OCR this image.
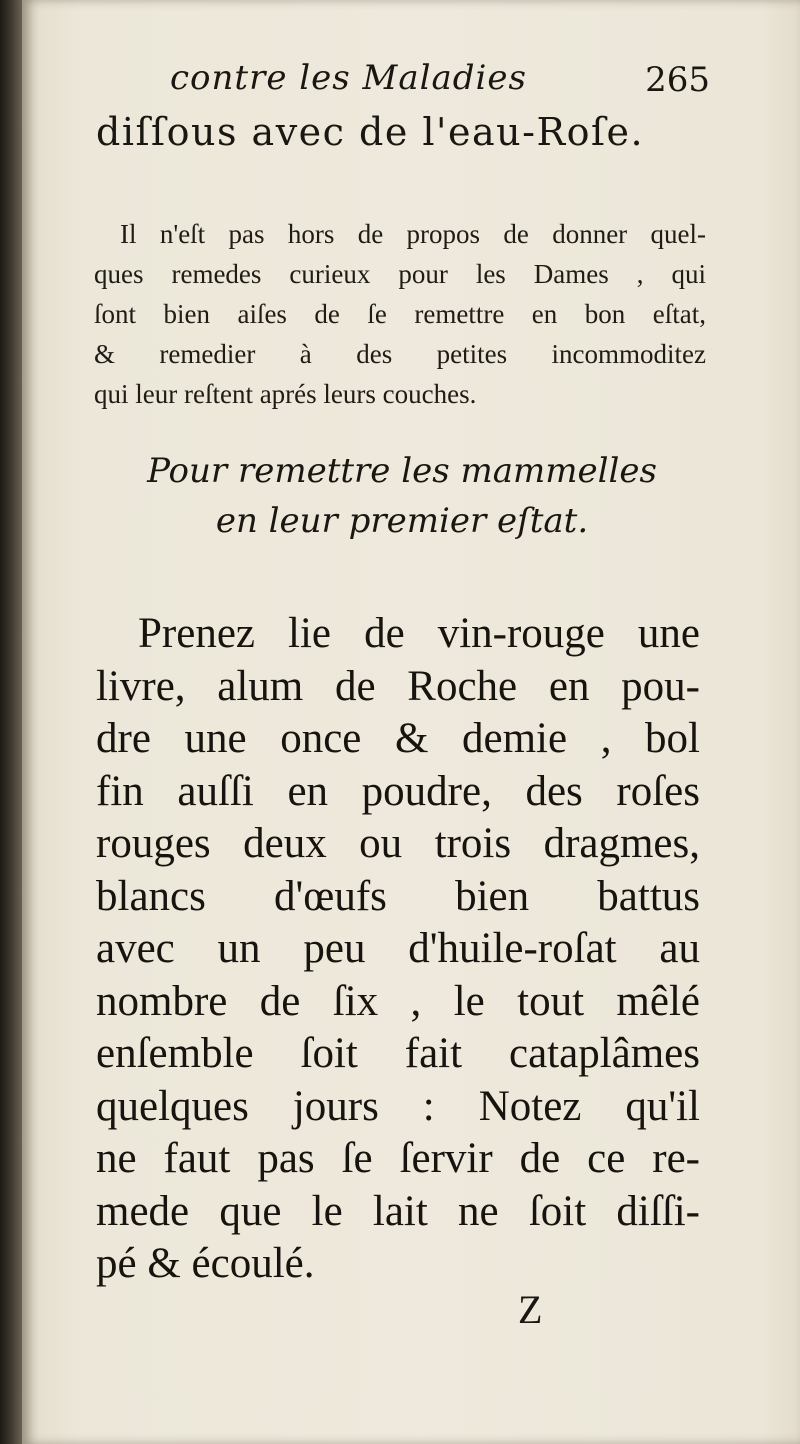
contre les Maladies	265
diſſous avec de l'eau-Roſe.
Il n'eſt pas hors de propos de donner quel-
ques remedes curieux pour les Dames , qui
ſont bien aiſes de ſe remettre en bon eſtat,
& remedier à des petites incommoditez
qui leur reſtent aprés leurs couches.
Pour remettre les mammelles
en leur premier eſtat.
Prenez lie de vin-rouge une
livre, alum de Roche en pou-
dre une once & demie , bol
fin auſſi en poudre, des roſes
rouges deux ou trois dragmes,
blancs d'œufs bien battus
avec un peu d'huile-roſat au
nombre de ſix , le tout mêlé
enſemble ſoit fait cataplâmes
quelques jours : Notez qu'il
ne faut pas ſe ſervir de ce re-
mede que le lait ne ſoit diſſi-
pé & écoulé.
Z
